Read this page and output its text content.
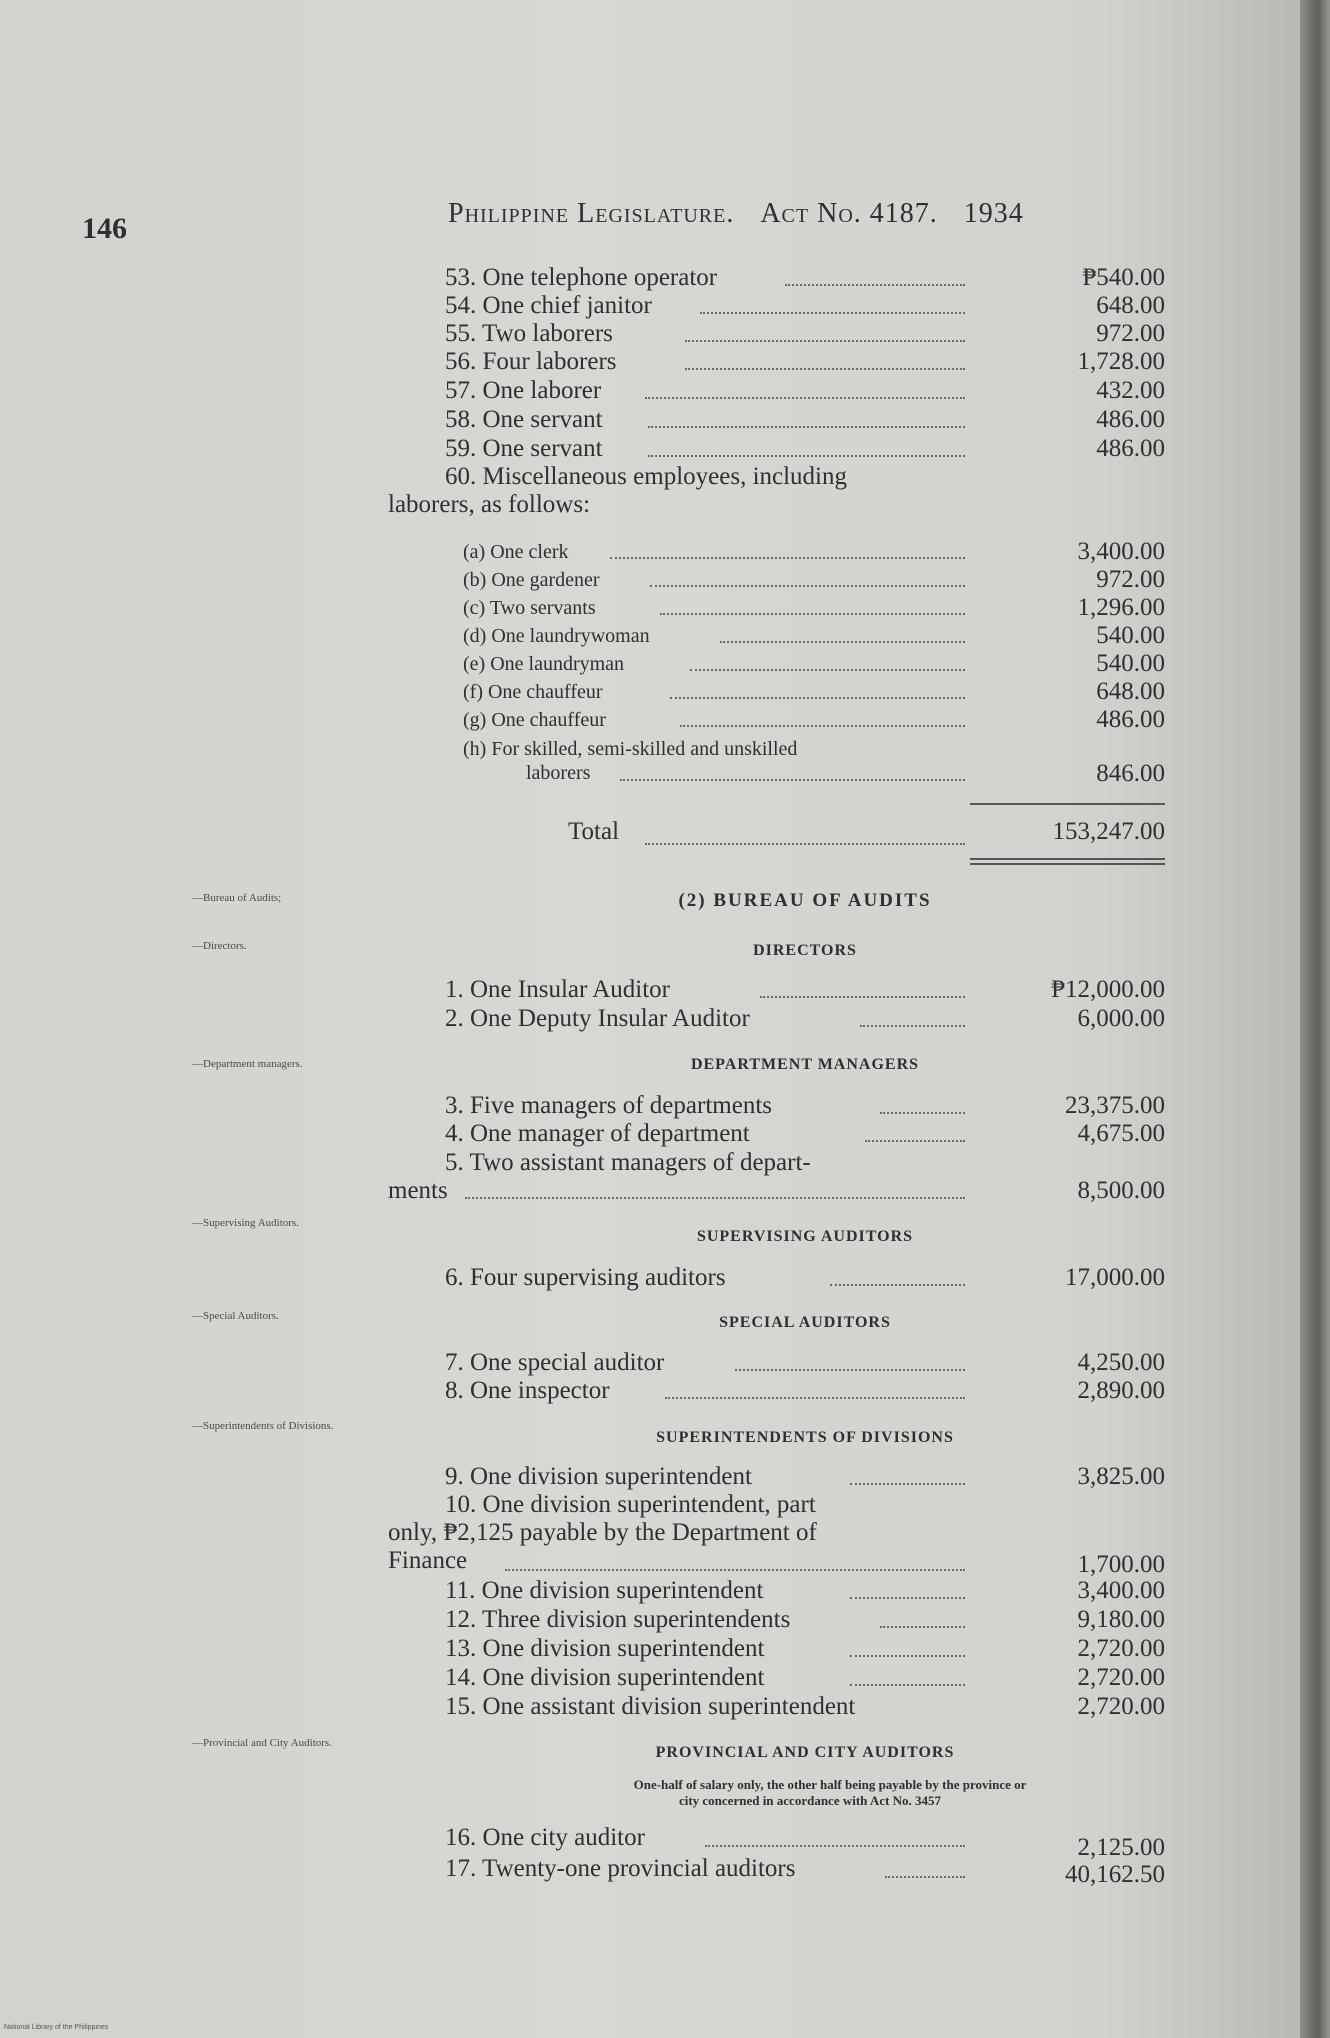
146	Philippine Legislature. Act No. 4187. 1934
53. One telephone operator	₱540.00
54. One chief janitor	648.00
55. Two laborers	972.00
56. Four laborers	1,728.00
57. One laborer	432.00
58. One servant	486.00
59. One servant	486.00
60. Miscellaneous employees, including
laborers, as follows:
(a) One clerk	3,400.00
(b) One gardener	972.00
(c) Two servants	1,296.00
(d) One laundrywoman	540.00
(e) One laundryman	540.00
(f) One chauffeur	648.00
(g) One chauffeur	486.00
(h) For skilled, semi-skilled and unskilled
laborers	846.00
Total	153,247.00
—Bureau of Audits;	(2) BUREAU OF AUDITS
—Directors.	DIRECTORS
1. One Insular Auditor	₱12,000.00
2. One Deputy Insular Auditor	6,000.00
—Department managers.	DEPARTMENT MANAGERS
3. Five managers of departments	23,375.00
4. One manager of department	4,675.00
5. Two assistant managers of depart-
ments	8,500.00
—Supervising Auditors.
SUPERVISING AUDITORS
6. Four supervising auditors	17,000.00
—Special Auditors.	SPECIAL AUDITORS
7. One special auditor	4,250.00
8. One inspector	2,890.00
—Superintendents of Divisions.
SUPERINTENDENTS OF DIVISIONS
9. One division superintendent	3,825.00
10. One division superintendent, part
only, ₱2,125 payable by the Department of
Finance	1,700.00
11. One division superintendent	3,400.00
12. Three division superintendents	9,180.00
13. One division superintendent	2,720.00
14. One division superintendent	2,720.00
15. One assistant division superintendent	2,720.00
—Provincial and City Auditors.
PROVINCIAL AND CITY AUDITORS
One-half of salary only, the other half being payable by the province or
city concerned in accordance with Act No. 3457
16. One city auditor	2,125.00
17. Twenty-one provincial auditors	40,162.50
National Library of the Philippines
